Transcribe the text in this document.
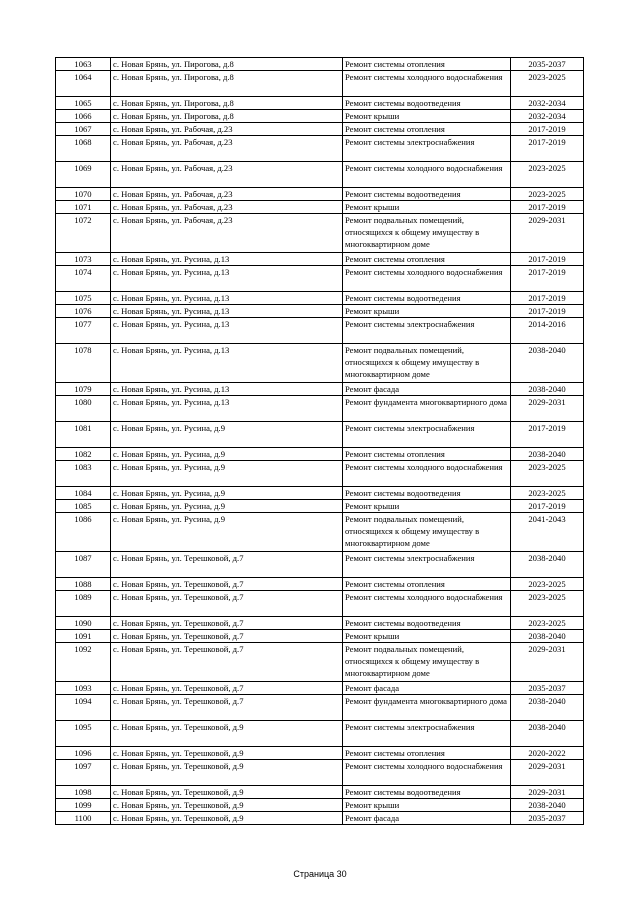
1063	с. Новая Брянь, ул. Пирогова, д.8	Ремонт системы отопления	2035-2037
1064	с. Новая Брянь, ул. Пирогова, д.8	Ремонт системы холодного водоснабжения	2023-2025
1065	с. Новая Брянь, ул. Пирогова, д.8	Ремонт системы водоотведения	2032-2034
1066	с. Новая Брянь, ул. Пирогова, д.8	Ремонт крыши	2032-2034
1067	с. Новая Брянь, ул. Рабочая, д.23	Ремонт системы отопления	2017-2019
1068	с. Новая Брянь, ул. Рабочая, д.23	Ремонт системы электроснабжения	2017-2019
1069	с. Новая Брянь, ул. Рабочая, д.23	Ремонт системы холодного водоснабжения	2023-2025
1070	с. Новая Брянь, ул. Рабочая, д.23	Ремонт системы водоотведения	2023-2025
1071	с. Новая Брянь, ул. Рабочая, д.23	Ремонт крыши	2017-2019
1072	с. Новая Брянь, ул. Рабочая, д.23	Ремонт подвальных помещений, относящихся к общему имуществу в многоквартирном доме	2029-2031
1073	с. Новая Брянь, ул. Русина, д.13	Ремонт системы отопления	2017-2019
1074	с. Новая Брянь, ул. Русина, д.13	Ремонт системы холодного водоснабжения	2017-2019
1075	с. Новая Брянь, ул. Русина, д.13	Ремонт системы водоотведения	2017-2019
1076	с. Новая Брянь, ул. Русина, д.13	Ремонт крыши	2017-2019
1077	с. Новая Брянь, ул. Русина, д.13	Ремонт системы электроснабжения	2014-2016
1078	с. Новая Брянь, ул. Русина, д.13	Ремонт подвальных помещений, относящихся к общему имуществу в многоквартирном доме	2038-2040
1079	с. Новая Брянь, ул. Русина, д.13	Ремонт фасада	2038-2040
1080	с. Новая Брянь, ул. Русина, д.13	Ремонт фундамента многоквартирного дома	2029-2031
1081	с. Новая Брянь, ул. Русина, д.9	Ремонт системы электроснабжения	2017-2019
1082	с. Новая Брянь, ул. Русина, д.9	Ремонт системы отопления	2038-2040
1083	с. Новая Брянь, ул. Русина, д.9	Ремонт системы холодного водоснабжения	2023-2025
1084	с. Новая Брянь, ул. Русина, д.9	Ремонт системы водоотведения	2023-2025
1085	с. Новая Брянь, ул. Русина, д.9	Ремонт крыши	2017-2019
1086	с. Новая Брянь, ул. Русина, д.9	Ремонт подвальных помещений, относящихся к общему имуществу в многоквартирном доме	2041-2043
1087	с. Новая Брянь, ул. Терешковой, д.7	Ремонт системы электроснабжения	2038-2040
1088	с. Новая Брянь, ул. Терешковой, д.7	Ремонт системы отопления	2023-2025
1089	с. Новая Брянь, ул. Терешковой, д.7	Ремонт системы холодного водоснабжения	2023-2025
1090	с. Новая Брянь, ул. Терешковой, д.7	Ремонт системы водоотведения	2023-2025
1091	с. Новая Брянь, ул. Терешковой, д.7	Ремонт крыши	2038-2040
1092	с. Новая Брянь, ул. Терешковой, д.7	Ремонт подвальных помещений, относящихся к общему имуществу в многоквартирном доме	2029-2031
1093	с. Новая Брянь, ул. Терешковой, д.7	Ремонт фасада	2035-2037
1094	с. Новая Брянь, ул. Терешковой, д.7	Ремонт фундамента многоквартирного дома	2038-2040
1095	с. Новая Брянь, ул. Терешковой, д.9	Ремонт системы электроснабжения	2038-2040
1096	с. Новая Брянь, ул. Терешковой, д.9	Ремонт системы отопления	2020-2022
1097	с. Новая Брянь, ул. Терешковой, д.9	Ремонт системы холодного водоснабжения	2029-2031
1098	с. Новая Брянь, ул. Терешковой, д.9	Ремонт системы водоотведения	2029-2031
1099	с. Новая Брянь, ул. Терешковой, д.9	Ремонт крыши	2038-2040
1100	с. Новая Брянь, ул. Терешковой, д.9	Ремонт фасада	2035-2037
Страница 30
